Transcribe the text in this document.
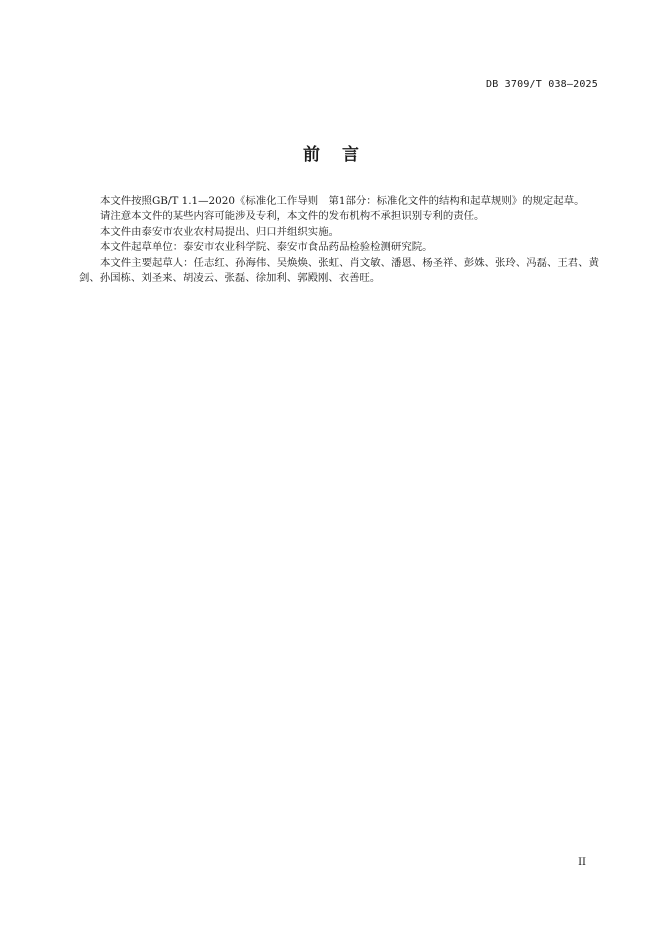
DB 3709/T 038—2025
前言

本文件按照GB/T 1.1—2020《标准化工作导则　第1部分：标准化文件的结构和起草规则》的规定起草。

请注意本文件的某些内容可能涉及专利，本文件的发布机构不承担识别专利的责任。

本文件由泰安市农业农村局提出、归口并组织实施。

本文件起草单位：泰安市农业科学院、泰安市食品药品检验检测研究院。

本文件主要起草人：任志红、孙海伟、吴焕焕、张虹、肖文敏、潘恩、杨圣祥、彭姝、张玲、冯磊、王君、黄剑、孙国栋、刘圣来、胡凌云、张磊、徐加利、郭殿刚、衣善旺。

II
